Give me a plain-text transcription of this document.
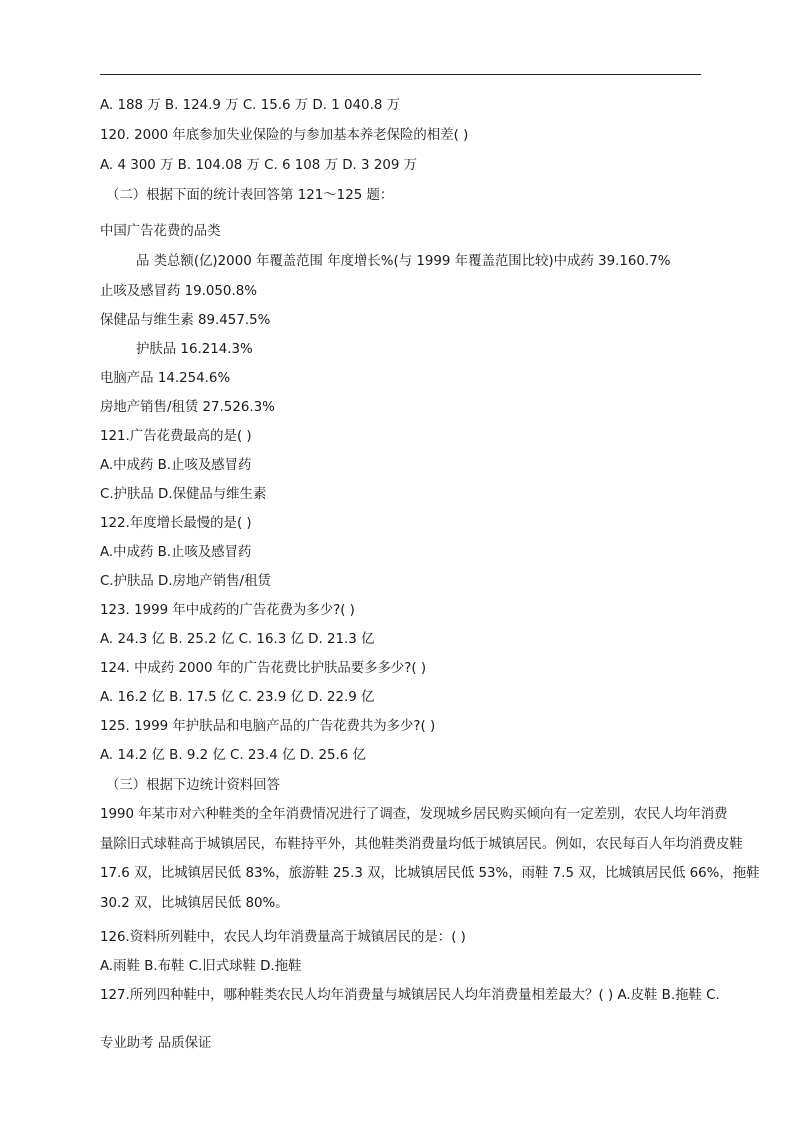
A. 188 万 B. 124.9 万 C. 15.6 万 D. 1 040.8 万
120. 2000 年底参加失业保险的与参加基本养老保险的相差( )
A. 4 300 万 B. 104.08 万 C. 6 108 万 D. 3 209 万
（二）根据下面的统计表回答第 121～125 题：
中国广告花费的品类
品 类总额(亿)2000 年覆盖范围 年度增长%(与 1999 年覆盖范围比较)中成药 39.160.7%
止咳及感冒药 19.050.8%
保健品与维生素 89.457.5%
护肤品 16.214.3%
电脑产品 14.254.6%
房地产销售/租赁 27.526.3%
121.广告花费最高的是( )
A.中成药 B.止咳及感冒药
C.护肤品 D.保健品与维生素
122.年度增长最慢的是( )
A.中成药 B.止咳及感冒药
C.护肤品 D.房地产销售/租赁
123. 1999 年中成药的广告花费为多少?( )
A. 24.3 亿 B. 25.2 亿 C. 16.3 亿 D. 21.3 亿
124. 中成药 2000 年的广告花费比护肤品要多多少?( )
A. 16.2 亿 B. 17.5 亿 C. 23.9 亿 D. 22.9 亿
125. 1999 年护肤品和电脑产品的广告花费共为多少?( )
A. 14.2 亿 B. 9.2 亿 C. 23.4 亿 D. 25.6 亿
（三）根据下边统计资料回答
1990 年某市对六种鞋类的全年消费情况进行了调查，发现城乡居民购买倾向有一定差别，农民人均年消费
量除旧式球鞋高于城镇居民，布鞋持平外，其他鞋类消费量均低于城镇居民。例如，农民每百人年均消费皮鞋
17.6 双，比城镇居民低 83%，旅游鞋 25.3 双，比城镇居民低 53%，雨鞋 7.5 双，比城镇居民低 66%，拖鞋
30.2 双，比城镇居民低 80%。
126.资料所列鞋中，农民人均年消费量高于城镇居民的是：( )
A.雨鞋 B.布鞋 C.旧式球鞋 D.拖鞋
127.所列四种鞋中，哪种鞋类农民人均年消费量与城镇居民人均年消费量相差最大？( ) A.皮鞋 B.拖鞋 C.
专业助考 品质保证
